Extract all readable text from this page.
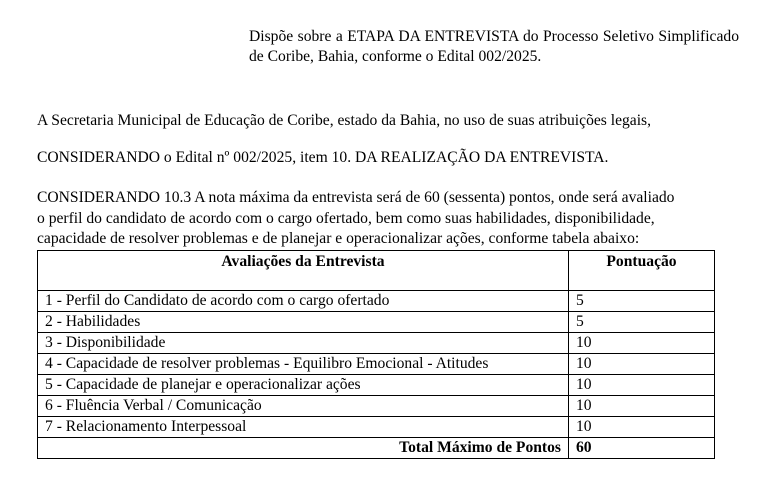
Dispõe sobre a ETAPA DA ENTREVISTA do Processo Seletivo Simplificado de Coribe, Bahia, conforme o Edital 002/2025.
A Secretaria Municipal de Educação de Coribe, estado da Bahia, no uso de suas atribuições legais,
CONSIDERANDO o Edital nº 002/2025, item 10. DA REALIZAÇÃO DA ENTREVISTA.
CONSIDERANDO 10.3 A nota máxima da entrevista será de 60 (sessenta) pontos, onde será avaliado
o perfil do candidato de acordo com o cargo ofertado, bem como suas habilidades, disponibilidade,
capacidade de resolver problemas e de planejar e operacionalizar ações, conforme tabela abaixo:
Avaliações da Entrevista	Pontuação
1 - Perfil do Candidato de acordo com o cargo ofertado	5
2 - Habilidades	5
3 - Disponibilidade	10
4 - Capacidade de resolver problemas - Equilibro Emocional - Atitudes	10
5 - Capacidade de planejar e operacionalizar ações	10
6 - Fluência Verbal / Comunicação	10
7 - Relacionamento Interpessoal	10
Total Máximo de Pontos	60
